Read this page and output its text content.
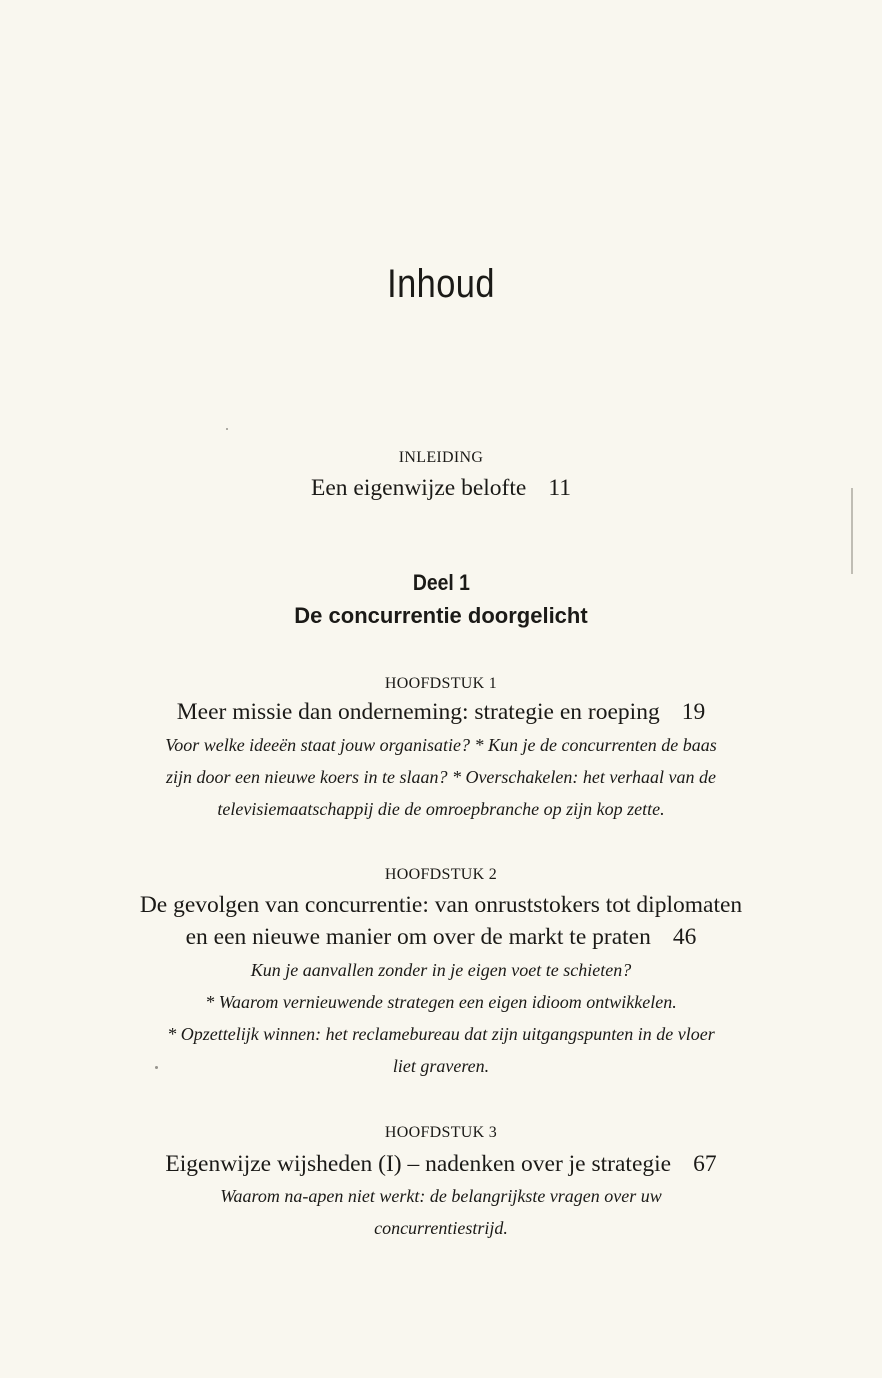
Inhoud
INLEIDING
Een eigenwijze belofte 11
Deel 1
De concurrentie doorgelicht
HOOFDSTUK 1
Meer missie dan onderneming: strategie en roeping 19
Voor welke ideeën staat jouw organisatie? * Kun je de concurrenten de baas
zijn door een nieuwe koers in te slaan? * Overschakelen: het verhaal van de
televisiemaatschappij die de omroepbranche op zijn kop zette.
HOOFDSTUK 2
De gevolgen van concurrentie: van onruststokers tot diplomaten
en een nieuwe manier om over de markt te praten 46
Kun je aanvallen zonder in je eigen voet te schieten?
* Waarom vernieuwende strategen een eigen idioom ontwikkelen.
* Opzettelijk winnen: het reclamebureau dat zijn uitgangspunten in de vloer
liet graveren.
HOOFDSTUK 3
Eigenwijze wijsheden (I) – nadenken over je strategie 67
Waarom na-apen niet werkt: de belangrijkste vragen over uw
concurrentiestrijd.
